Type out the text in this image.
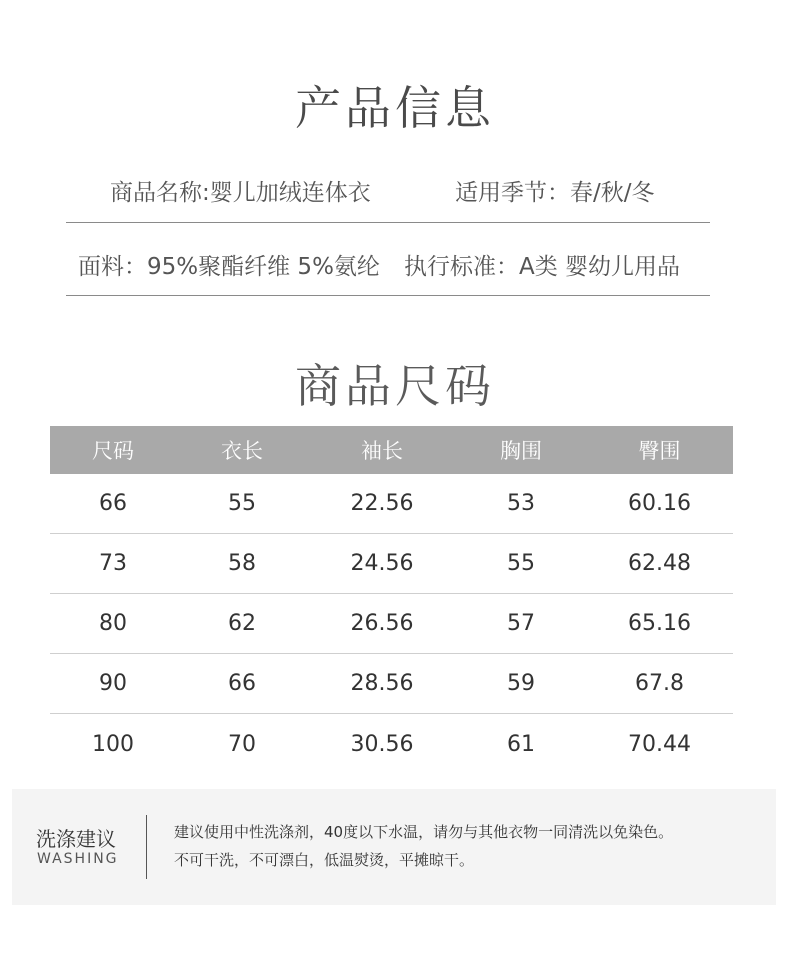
产品信息
商品名称:婴儿加绒连体衣	适用季节：春/秋/冬
面料：95%聚酯纤维 5%氨纶 执行标准：A类 婴幼儿用品
商品尺码
尺码	衣长	袖长	胸围	臀围
66	55	22.56	53	60.16
73	58	24.56	55	62.48
80	62	26.56	57	65.16
90	66	28.56	59	67.8
100	70	30.56	61	70.44
洗涤建议
WASHING
建议使用中性洗涤剂，40度以下水温，请勿与其他衣物一同清洗以免染色。
不可干洗，不可漂白，低温熨烫，平摊晾干。
